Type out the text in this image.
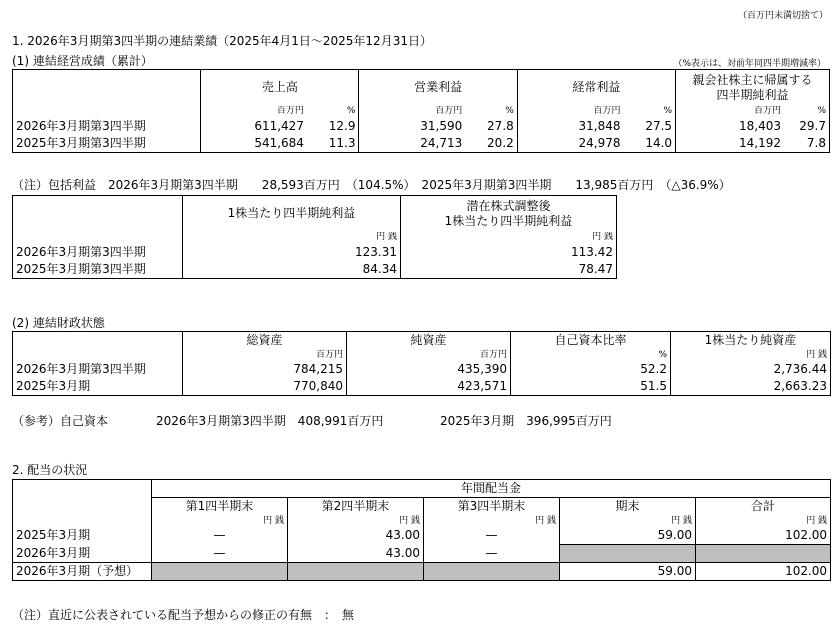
（百万円未満切捨て）
1. 2026年3月期第3四半期の連結業績（2025年4月1日～2025年12月31日）
(1) 連結経営成績（累計）	（%表示は、対前年同四半期増減率）
	売上高		営業利益		経常利益		親会社株主に帰属する
四半期純利益	

	百万円	%	百万円	%	百万円	%	百万円	%
2026年3月期第3四半期	611,427	12.9	31,590	27.8	31,848	27.5	18,403	29.7
2025年3月期第3四半期	541,684	11.3	24,713	20.2	24,978	14.0	14,192	7.8
（注）包括利益　2026年3月期第3四半期　　28,593百万円　（104.5%）　2025年3月期第3四半期　　13,985百万円　（△36.9%）
	1株当たり四半期純利益	潜在株式調整後
1株当たり四半期純利益

	円 銭	円 銭
2026年3月期第3四半期	123.31	113.42
2025年3月期第3四半期	84.34	78.47
(2) 連結財政状態
	総資産	純資産	自己資本比率	1株当たり純資産
	百万円	百万円	%	円 銭
2026年3月期第3四半期	784,215	435,390	52.2	2,736.44
2025年3月期	770,840	423,571	51.5	2,663.23
（参考）自己資本	2026年3月期第3四半期　408,991百万円	2025年3月期　396,995百万円
2. 配当の状況
	年間配当金				
	第1四半期末	第2四半期末	第3四半期末	期末	合計
	円 銭	円 銭	円 銭	円 銭	円 銭
2025年3月期	—	43.00	—	59.00	102.00
2026年3月期	—	43.00	—		
2026年3月期（予想）				59.00	102.00
（注）直近に公表されている配当予想からの修正の有無　：　無
